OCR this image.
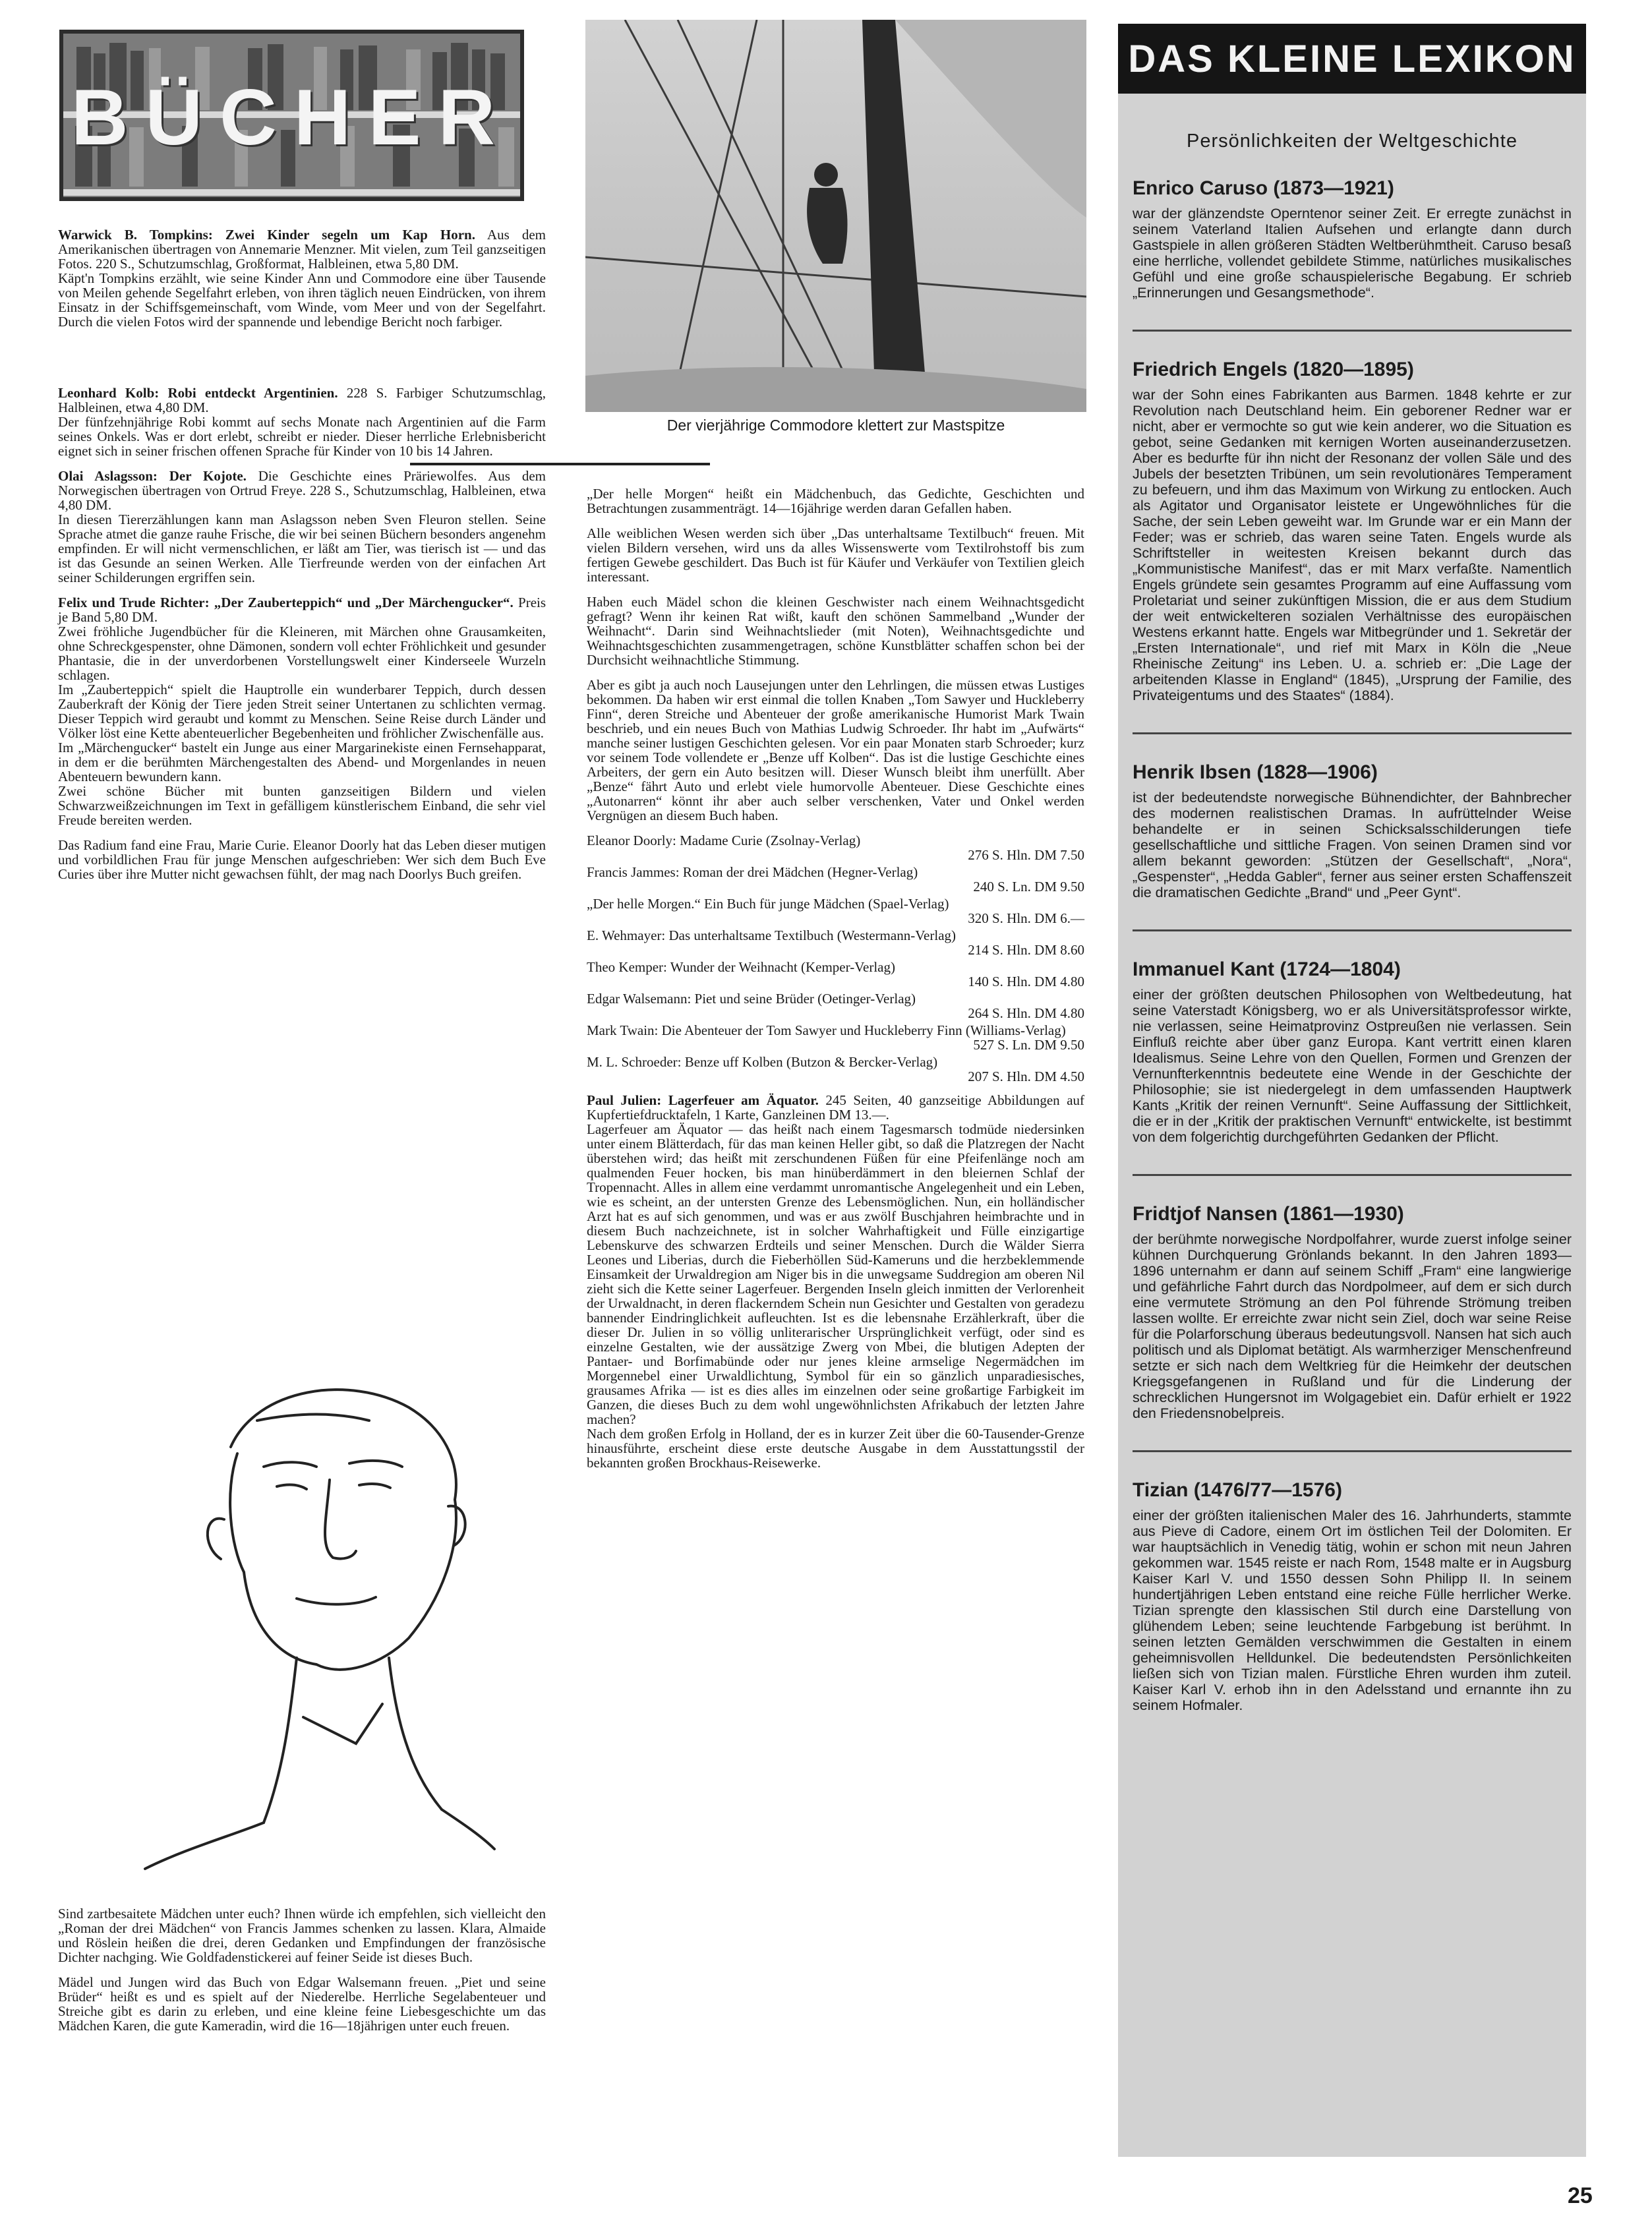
BÜCHER

Warwick B. Tompkins: Zwei Kinder segeln um Kap Horn. Aus dem Amerikanischen übertragen von Annemarie Menzner. Mit vielen, zum Teil ganzseitigen Fotos. 220 S., Schutzumschlag, Großformat, Halbleinen, etwa 5,80 DM.
Käpt'n Tompkins erzählt, wie seine Kinder Ann und Commodore eine über Tausende von Meilen gehende Segelfahrt erleben, von ihren täglich neuen Eindrücken, von ihrem Einsatz in der Schiffsgemeinschaft, vom Winde, vom Meer und von der Segelfahrt. Durch die vielen Fotos wird der spannende und lebendige Bericht noch farbiger.

Leonhard Kolb: Robi entdeckt Argentinien. 228 S. Farbiger Schutzumschlag, Halbleinen, etwa 4,80 DM.
Der fünfzehnjährige Robi kommt auf sechs Monate nach Argentinien auf die Farm seines Onkels. Was er dort erlebt, schreibt er nieder. Dieser herrliche Erlebnisbericht eignet sich in seiner frischen offenen Sprache für Kinder von 10 bis 14 Jahren.

Olai Aslagsson: Der Kojote. Die Geschichte eines Präriewolfes. Aus dem Norwegischen übertragen von Ortrud Freye. 228 S., Schutzumschlag, Halbleinen, etwa 4,80 DM.
In diesen Tiererzählungen kann man Aslagsson neben Sven Fleuron stellen. Seine Sprache atmet die ganze rauhe Frische, die wir bei seinen Büchern besonders angenehm empfinden. Er will nicht vermenschlichen, er läßt am Tier, was tierisch ist — und das ist das Gesunde an seinen Werken. Alle Tierfreunde werden von der einfachen Art seiner Schilderungen ergriffen sein.

Felix und Trude Richter: „Der Zauberteppich“ und „Der Märchengucker“. Preis je Band 5,80 DM.
Zwei fröhliche Jugendbücher für die Kleineren, mit Märchen ohne Grausamkeiten, ohne Schreckgespenster, ohne Dämonen, sondern voll echter Fröhlichkeit und gesunder Phantasie, die in der unverdorbenen Vorstellungswelt einer Kinderseele Wurzeln schlagen.
Im „Zauberteppich“ spielt die Hauptrolle ein wunderbarer Teppich, durch dessen Zauberkraft der König der Tiere jeden Streit seiner Untertanen zu schlichten vermag. Dieser Teppich wird geraubt und kommt zu Menschen. Seine Reise durch Länder und Völker löst eine Kette abenteuerlicher Begebenheiten und fröhlicher Zwischenfälle aus.
Im „Märchengucker“ bastelt ein Junge aus einer Margarinekiste einen Fernsehapparat, in dem er die berühmten Märchengestalten des Abend- und Morgenlandes in neuen Abenteuern bewundern kann.
Zwei schöne Bücher mit bunten ganzseitigen Bildern und vielen Schwarzweißzeichnungen im Text in gefälligem künstlerischem Einband, die sehr viel Freude bereiten werden.

Das Radium fand eine Frau, Marie Curie. Eleanor Doorly hat das Leben dieser mutigen und vorbildlichen Frau für junge Menschen aufgeschrieben: Wer sich dem Buch Eve Curies über ihre Mutter nicht gewachsen fühlt, der mag nach Doorlys Buch greifen.

Sind zartbesaitete Mädchen unter euch? Ihnen würde ich empfehlen, sich vielleicht den „Roman der drei Mädchen“ von Francis Jammes schenken zu lassen. Klara, Almaide und Röslein heißen die drei, deren Gedanken und Empfindungen der französische Dichter nachging. Wie Goldfadenstickerei auf feiner Seide ist dieses Buch.

Mädel und Jungen wird das Buch von Edgar Walsemann freuen. „Piet und seine Brüder“ heißt es und es spielt auf der Niederelbe. Herrliche Segelabenteuer und Streiche gibt es darin zu erleben, und eine kleine feine Liebesgeschichte um das Mädchen Karen, die gute Kameradin, wird die 16—18jährigen unter euch freuen.

Der vierjährige Commodore klettert zur Mastspitze

„Der helle Morgen“ heißt ein Mädchenbuch, das Gedichte, Geschichten und Betrachtungen zusammenträgt. 14—16jährige werden daran Gefallen haben.

Alle weiblichen Wesen werden sich über „Das unterhaltsame Textilbuch“ freuen. Mit vielen Bildern versehen, wird uns da alles Wissenswerte vom Textilrohstoff bis zum fertigen Gewebe geschildert. Das Buch ist für Käufer und Verkäufer von Textilien gleich interessant.

Haben euch Mädel schon die kleinen Geschwister nach einem Weihnachtsgedicht gefragt? Wenn ihr keinen Rat wißt, kauft den schönen Sammelband „Wunder der Weihnacht“. Darin sind Weihnachtslieder (mit Noten), Weihnachtsgedichte und Weihnachtsgeschichten zusammengetragen, schöne Kunstblätter schaffen schon bei der Durchsicht weihnachtliche Stimmung.

Aber es gibt ja auch noch Lausejungen unter den Lehrlingen, die müssen etwas Lustiges bekommen. Da haben wir erst einmal die tollen Knaben „Tom Sawyer und Huckleberry Finn“, deren Streiche und Abenteuer der große amerikanische Humorist Mark Twain beschrieb, und ein neues Buch von Mathias Ludwig Schroeder. Ihr habt im „Aufwärts“ manche seiner lustigen Geschichten gelesen. Vor ein paar Monaten starb Schroeder; kurz vor seinem Tode vollendete er „Benze uff Kolben“. Das ist die lustige Geschichte eines Arbeiters, der gern ein Auto besitzen will. Dieser Wunsch bleibt ihm unerfüllt. Aber „Benze“ fährt Auto und erlebt viele humorvolle Abenteuer. Diese Geschichte eines „Autonarren“ könnt ihr aber auch selber verschenken, Vater und Onkel werden Vergnügen an diesem Buch haben.

Eleanor Doorly: Madame Curie (Zsolnay-Verlag)
276 S. Hln. DM 7.50
Francis Jammes: Roman der drei Mädchen (Hegner-Verlag)
240 S. Ln. DM 9.50
„Der helle Morgen.“ Ein Buch für junge Mädchen (Spael-Verlag)
320 S. Hln. DM 6.—
E. Wehmayer: Das unterhaltsame Textilbuch (Westermann-Verlag)
214 S. Hln. DM 8.60
Theo Kemper: Wunder der Weihnacht (Kemper-Verlag)
140 S. Hln. DM 4.80
Edgar Walsemann: Piet und seine Brüder (Oetinger-Verlag)
264 S. Hln. DM 4.80
Mark Twain: Die Abenteuer der Tom Sawyer und Huckleberry Finn (Williams-Verlag)
527 S. Ln. DM 9.50
M. L. Schroeder: Benze uff Kolben (Butzon & Bercker-Verlag)
207 S. Hln. DM 4.50

Paul Julien: Lagerfeuer am Äquator. 245 Seiten, 40 ganzseitige Abbildungen auf Kupfertiefdrucktafeln, 1 Karte, Ganzleinen DM 13.—.
Lagerfeuer am Äquator — das heißt nach einem Tagesmarsch todmüde niedersinken unter einem Blätterdach, für das man keinen Heller gibt, so daß die Platzregen der Nacht überstehen wird; das heißt mit zerschundenen Füßen für eine Pfeifenlänge noch am qualmenden Feuer hocken, bis man hinüberdämmert in den bleiernen Schlaf der Tropennacht. Alles in allem eine verdammt unromantische Angelegenheit und ein Leben, wie es scheint, an der untersten Grenze des Lebensmöglichen. Nun, ein holländischer Arzt hat es auf sich genommen, und was er aus zwölf Buschjahren heimbrachte und in diesem Buch nachzeichnete, ist in solcher Wahrhaftigkeit und Fülle einzigartige Lebenskurve des schwarzen Erdteils und seiner Menschen. Durch die Wälder Sierra Leones und Liberias, durch die Fieberhöllen Süd-Kameruns und die herzbeklemmende Einsamkeit der Urwaldregion am Niger bis in die unwegsame Suddregion am oberen Nil zieht sich die Kette seiner Lagerfeuer. Bergenden Inseln gleich inmitten der Verlorenheit der Urwaldnacht, in deren flackerndem Schein nun Gesichter und Gestalten von geradezu bannender Eindringlichkeit aufleuchten. Ist es die lebensnahe Erzählerkraft, über die dieser Dr. Julien in so völlig unliterarischer Ursprünglichkeit verfügt, oder sind es einzelne Gestalten, wie der aussätzige Zwerg von Mbei, die blutigen Adepten der Pantaer- und Borfimabünde oder nur jenes kleine armselige Negermädchen im Morgennebel einer Urwaldlichtung, Symbol für ein so gänzlich unparadiesisches, grausames Afrika — ist es dies alles im einzelnen oder seine großartige Farbigkeit im Ganzen, die dieses Buch zu dem wohl ungewöhnlichsten Afrikabuch der letzten Jahre machen?
Nach dem großen Erfolg in Holland, der es in kurzer Zeit über die 60-Tausender-Grenze hinausführte, erscheint diese erste deutsche Ausgabe in dem Ausstattungsstil der bekannten großen Brockhaus-Reisewerke.

DAS KLEINE LEXIKON
Persönlichkeiten der Weltgeschichte
Enrico Caruso (1873—1921)
war der glänzendste Operntenor seiner Zeit. Er erregte zunächst in seinem Vaterland Italien Aufsehen und erlangte dann durch Gastspiele in allen größeren Städten Weltberühmtheit. Caruso besaß eine herrliche, vollendet gebildete Stimme, natürliches musikalisches Gefühl und eine große schauspielerische Begabung. Er schrieb „Erinnerungen und Gesangsmethode“.
Friedrich Engels (1820—1895)
war der Sohn eines Fabrikanten aus Barmen. 1848 kehrte er zur Revolution nach Deutschland heim. Ein geborener Redner war er nicht, aber er vermochte so gut wie kein anderer, wo die Situation es gebot, seine Gedanken mit kernigen Worten auseinanderzusetzen. Aber es bedurfte für ihn nicht der Resonanz der vollen Säle und des Jubels der besetzten Tribünen, um sein revolutionäres Temperament zu befeuern, und ihm das Maximum von Wirkung zu entlocken. Auch als Agitator und Organisator leistete er Ungewöhnliches für die Sache, der sein Leben geweiht war. Im Grunde war er ein Mann der Feder; was er schrieb, das waren seine Taten. Engels wurde als Schriftsteller in weitesten Kreisen bekannt durch das „Kommunistische Manifest“, das er mit Marx verfaßte. Namentlich Engels gründete sein gesamtes Programm auf eine Auffassung vom Proletariat und seiner zukünftigen Mission, die er aus dem Studium der weit entwickelteren sozialen Verhältnisse des europäischen Westens erkannt hatte. Engels war Mitbegründer und 1. Sekretär der „Ersten Internationale“, und rief mit Marx in Köln die „Neue Rheinische Zeitung“ ins Leben. U. a. schrieb er: „Die Lage der arbeitenden Klasse in England“ (1845), „Ursprung der Familie, des Privateigentums und des Staates“ (1884).
Henrik Ibsen (1828—1906)
ist der bedeutendste norwegische Bühnendichter, der Bahnbrecher des modernen realistischen Dramas. In aufrüttelnder Weise behandelte er in seinen Schicksalsschilderungen tiefe gesellschaftliche und sittliche Fragen. Von seinen Dramen sind vor allem bekannt geworden: „Stützen der Gesellschaft“, „Nora“, „Gespenster“, „Hedda Gabler“, ferner aus seiner ersten Schaffenszeit die dramatischen Gedichte „Brand“ und „Peer Gynt“.
Immanuel Kant (1724—1804)
einer der größten deutschen Philosophen von Weltbedeutung, hat seine Vaterstadt Königsberg, wo er als Universitätsprofessor wirkte, nie verlassen, seine Heimatprovinz Ostpreußen nie verlassen. Sein Einfluß reichte aber über ganz Europa. Kant vertritt einen klaren Idealismus. Seine Lehre von den Quellen, Formen und Grenzen der Vernunfterkenntnis bedeutete eine Wende in der Geschichte der Philosophie; sie ist niedergelegt in dem umfassenden Hauptwerk Kants „Kritik der reinen Vernunft“. Seine Auffassung der Sittlichkeit, die er in der „Kritik der praktischen Vernunft“ entwickelte, ist bestimmt von dem folgerichtig durchgeführten Gedanken der Pflicht.
Fridtjof Nansen (1861—1930)
der berühmte norwegische Nordpolfahrer, wurde zuerst infolge seiner kühnen Durchquerung Grönlands bekannt. In den Jahren 1893—1896 unternahm er dann auf seinem Schiff „Fram“ eine langwierige und gefährliche Fahrt durch das Nordpolmeer, auf dem er sich durch eine vermutete Strömung an den Pol führende Strömung treiben lassen wollte. Er erreichte zwar nicht sein Ziel, doch war seine Reise für die Polarforschung überaus bedeutungsvoll. Nansen hat sich auch politisch und als Diplomat betätigt. Als warmherziger Menschenfreund setzte er sich nach dem Weltkrieg für die Heimkehr der deutschen Kriegsgefangenen in Rußland und für die Linderung der schrecklichen Hungersnot im Wolgagebiet ein. Dafür erhielt er 1922 den Friedensnobelpreis.
Tizian (1476/77—1576)
einer der größten italienischen Maler des 16. Jahrhunderts, stammte aus Pieve di Cadore, einem Ort im östlichen Teil der Dolomiten. Er war hauptsächlich in Venedig tätig, wohin er schon mit neun Jahren gekommen war. 1545 reiste er nach Rom, 1548 malte er in Augsburg Kaiser Karl V. und 1550 dessen Sohn Philipp II. In seinem hundertjährigen Leben entstand eine reiche Fülle herrlicher Werke. Tizian sprengte den klassischen Stil durch eine Darstellung von glühendem Leben; seine leuchtende Farbgebung ist berühmt. In seinen letzten Gemälden verschwimmen die Gestalten in einem geheimnisvollen Helldunkel. Die bedeutendsten Persönlichkeiten ließen sich von Tizian malen. Fürstliche Ehren wurden ihm zuteil. Kaiser Karl V. erhob ihn in den Adelsstand und ernannte ihn zu seinem Hofmaler.
25
